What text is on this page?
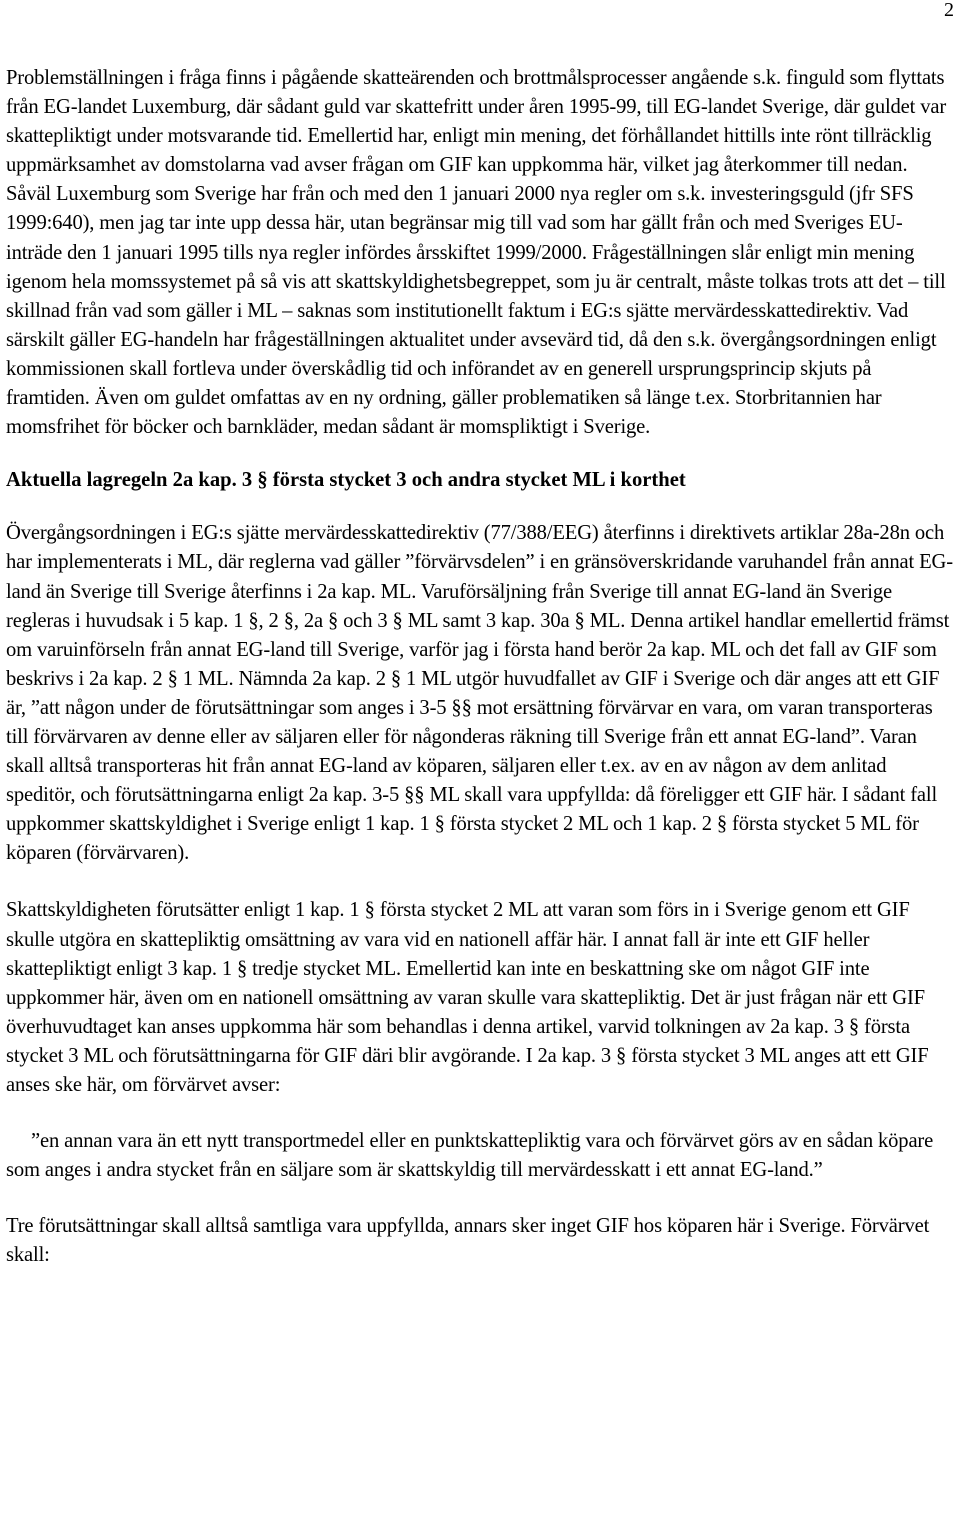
2

Problemställningen i fråga finns i pågående skatteärenden och brottmålsprocesser angående s.k. finguld som flyttats från EG-landet Luxemburg, där sådant guld var skattefritt under åren 1995-99, till EG-landet Sverige, där guldet var skattepliktigt under motsvarande tid. Emellertid har, enligt min mening, det förhållandet hittills inte rönt tillräcklig uppmärksamhet av domstolarna vad avser frågan om GIF kan uppkomma här, vilket jag återkommer till nedan. Såväl Luxemburg som Sverige har från och med den 1 januari 2000 nya regler om s.k. investeringsguld (jfr SFS 1999:640), men jag tar inte upp dessa här, utan begränsar mig till vad som har gällt från och med Sveriges EU-inträde den 1 januari 1995 tills nya regler infördes årsskiftet 1999/2000. Frågeställningen slår enligt min mening igenom hela momssystemet på så vis att skattskyldighetsbegreppet, som ju är centralt, måste tolkas trots att det – till skillnad från vad som gäller i ML – saknas som institutionellt faktum i EG:s sjätte mervärdesskattedirektiv. Vad särskilt gäller EG-handeln har frågeställningen aktualitet under avsevärd tid, då den s.k. övergångsordningen enligt kommissionen skall fortleva under överskådlig tid och införandet av en generell ursprungsprincip skjuts på framtiden. Även om guldet omfattas av en ny ordning, gäller problematiken så länge t.ex. Storbritannien har momsfrihet för böcker och barnkläder, medan sådant är momspliktigt i Sverige.

Aktuella lagregeln 2a kap. 3 § första stycket 3 och andra stycket ML i korthet

Övergångsordningen i EG:s sjätte mervärdesskattedirektiv (77/388/EEG) återfinns i direktivets artiklar 28a-28n och har implementerats i ML, där reglerna vad gäller ”förvärvsdelen” i en gränsöverskridande varuhandel från annat EG-land än Sverige till Sverige återfinns i 2a kap. ML. Varuförsäljning från Sverige till annat EG-land än Sverige regleras i huvudsak i 5 kap. 1 §, 2 §, 2a § och 3 § ML samt 3 kap. 30a § ML. Denna artikel handlar emellertid främst om varuinförseln från annat EG-land till Sverige, varför jag i första hand berör 2a kap. ML och det fall av GIF som beskrivs i 2a kap. 2 § 1 ML. Nämnda 2a kap. 2 § 1 ML utgör huvudfallet av GIF i Sverige och där anges att ett GIF är, ”att någon under de förutsättningar som anges i 3-5 §§ mot ersättning förvärvar en vara, om varan transporteras till förvärvaren av denne eller av säljaren eller för någonderas räkning till Sverige från ett annat EG-land”. Varan skall alltså transporteras hit från annat EG-land av köparen, säljaren eller t.ex. av en av någon av dem anlitad speditör, och förutsättningarna enligt 2a kap. 3-5 §§ ML skall vara uppfyllda: då föreligger ett GIF här. I sådant fall uppkommer skattskyldighet i Sverige enligt 1 kap. 1 § första stycket 2 ML och 1 kap. 2 § första stycket 5 ML för köparen (förvärvaren).

Skattskyldigheten förutsätter enligt 1 kap. 1 § första stycket 2 ML att varan som förs in i Sverige genom ett GIF skulle utgöra en skattepliktig omsättning av vara vid en nationell affär här. I annat fall är inte ett GIF heller skattepliktigt enligt 3 kap. 1 § tredje stycket ML. Emellertid kan inte en beskattning ske om något GIF inte uppkommer här, även om en nationell omsättning av varan skulle vara skattepliktig. Det är just frågan när ett GIF överhuvudtaget kan anses uppkomma här som behandlas i denna artikel, varvid tolkningen av 2a kap. 3 § första stycket 3 ML och förutsättningarna för GIF däri blir avgörande. I 2a kap. 3 § första stycket 3 ML anges att ett GIF anses ske här, om förvärvet avser:

”en annan vara än ett nytt transportmedel eller en punktskattepliktig vara och förvärvet görs av en sådan köpare som anges i andra stycket från en säljare som är skattskyldig till mervärdesskatt i ett annat EG-land.”

Tre förutsättningar skall alltså samtliga vara uppfyllda, annars sker inget GIF hos köparen här i Sverige. Förvärvet skall:
